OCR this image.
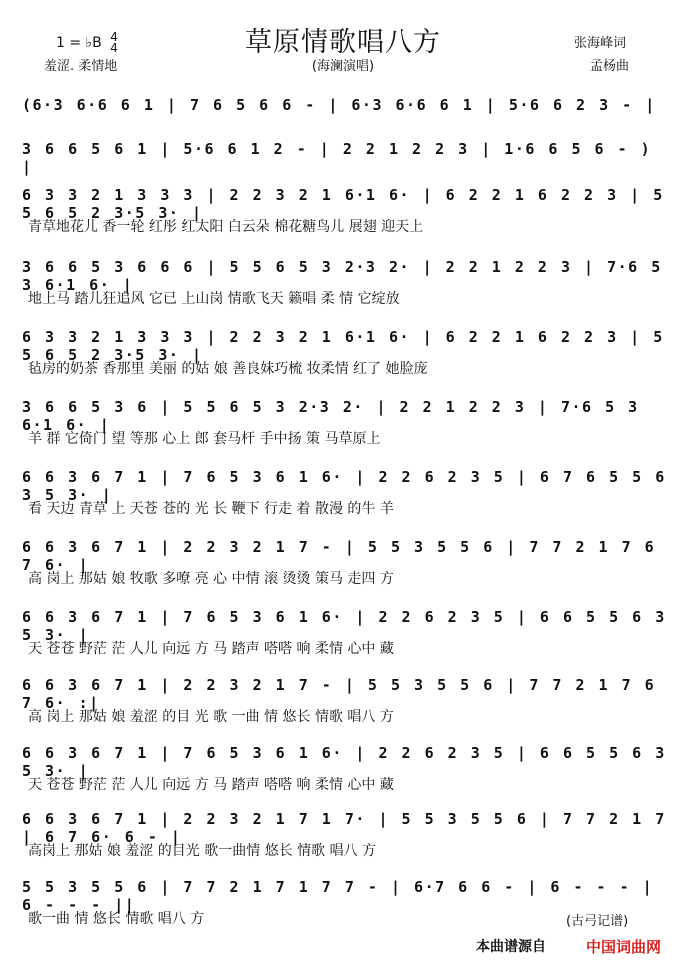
草原情歌唱八方
(海澜演唱)
1 = ♭B 4
4
羞涩. 柔情地
张海峰词
孟杨曲
(6·3 6·6 6 1 | 7 6 5 6 6 - | 6·3 6·6 6 1 | 5·6 6 2 3 - |
3 6 6 5 6 1 | 5·6 6 1 2 - | 2 2 1 2 2 3 | 1·6 6 5 6 - ) |
6 3 3 2 1 3 3 3 | 2 2 3 2 1 6·1 6· | 6 2 2 1 6 2 2 3 | 5 5 6 5 2 3·5 3· |
青草地花儿 香一轮 红彤 红太阳 白云朵 棉花糖鸟儿 展翅 迎天上
3 6 6 5 3 6 6 6 | 5 5 6 5 3 2·3 2· | 2 2 1 2 2 3 | 7·6 5 3 6·1 6· |
地上马 踏儿狂追风 它已 上山岗 情歌飞天 籁唱 柔 情 它绽放
6 3 3 2 1 3 3 3 | 2 2 3 2 1 6·1 6· | 6 2 2 1 6 2 2 3 | 5 5 6 5 2 3·5 3· |
毡房的奶茶 香那里 美丽 的姑 娘 善良妹巧梳 妆柔情 红了 她脸庞
3 6 6 5 3 6 | 5 5 6 5 3 2·3 2· | 2 2 1 2 2 3 | 7·6 5 3 6·1 6· |
羊 群 它倚门 望 等那 心上 郎 套马杆 手中扬 策 马草原上
6 6 3 6 7 1 | 7 6 5 3 6 1 6· | 2 2 6 2 3 5 | 6 7 6 5 5 6 3 5 3· |
看 天边 青草 上 天苍 苍的 光 长 鞭下 行走 着 散漫 的牛 羊
6 6 3 6 7 1 | 2 2 3 2 1 7 - | 5 5 3 5 5 6 | 7 7 2 1 7 6 7 6· |
高 岗上 那姑 娘 牧歌 多嘹 亮 心 中情 滚 烫烫 策马 走四 方
6 6 3 6 7 1 | 7 6 5 3 6 1 6· | 2 2 6 2 3 5 | 6 6 5 5 6 3 5 3· |
天 苍苍 野茫 茫 人儿 向远 方 马 踏声 嗒嗒 响 柔情 心中 藏
6 6 3 6 7 1 | 2 2 3 2 1 7 - | 5 5 3 5 5 6 | 7 7 2 1 7 6 7 6· :|
高 岗上 那姑 娘 羞涩 的目 光 歌 一曲 情 悠长 情歌 唱八 方
6 6 3 6 7 1 | 7 6 5 3 6 1 6· | 2 2 6 2 3 5 | 6 6 5 5 6 3 5 3· |
天 苍苍 野茫 茫 人儿 向远 方 马 踏声 嗒嗒 响 柔情 心中 藏
6 6 3 6 7 1 | 2 2 3 2 1 7 1 7· | 5 5 3 5 5 6 | 7 7 2 1 7 | 6 7 6· 6 - |
高岗上 那姑 娘 羞涩 的目光 歌一曲情 悠长 情歌 唱八 方
5 5 3 5 5 6 | 7 7 2 1 7 1 7 7 - | 6·7 6 6 - | 6 - - - | 6 - - - ||
歌一曲 情 悠长 情歌 唱八 方	(古弓记谱)
本曲谱源自	中国词曲网
